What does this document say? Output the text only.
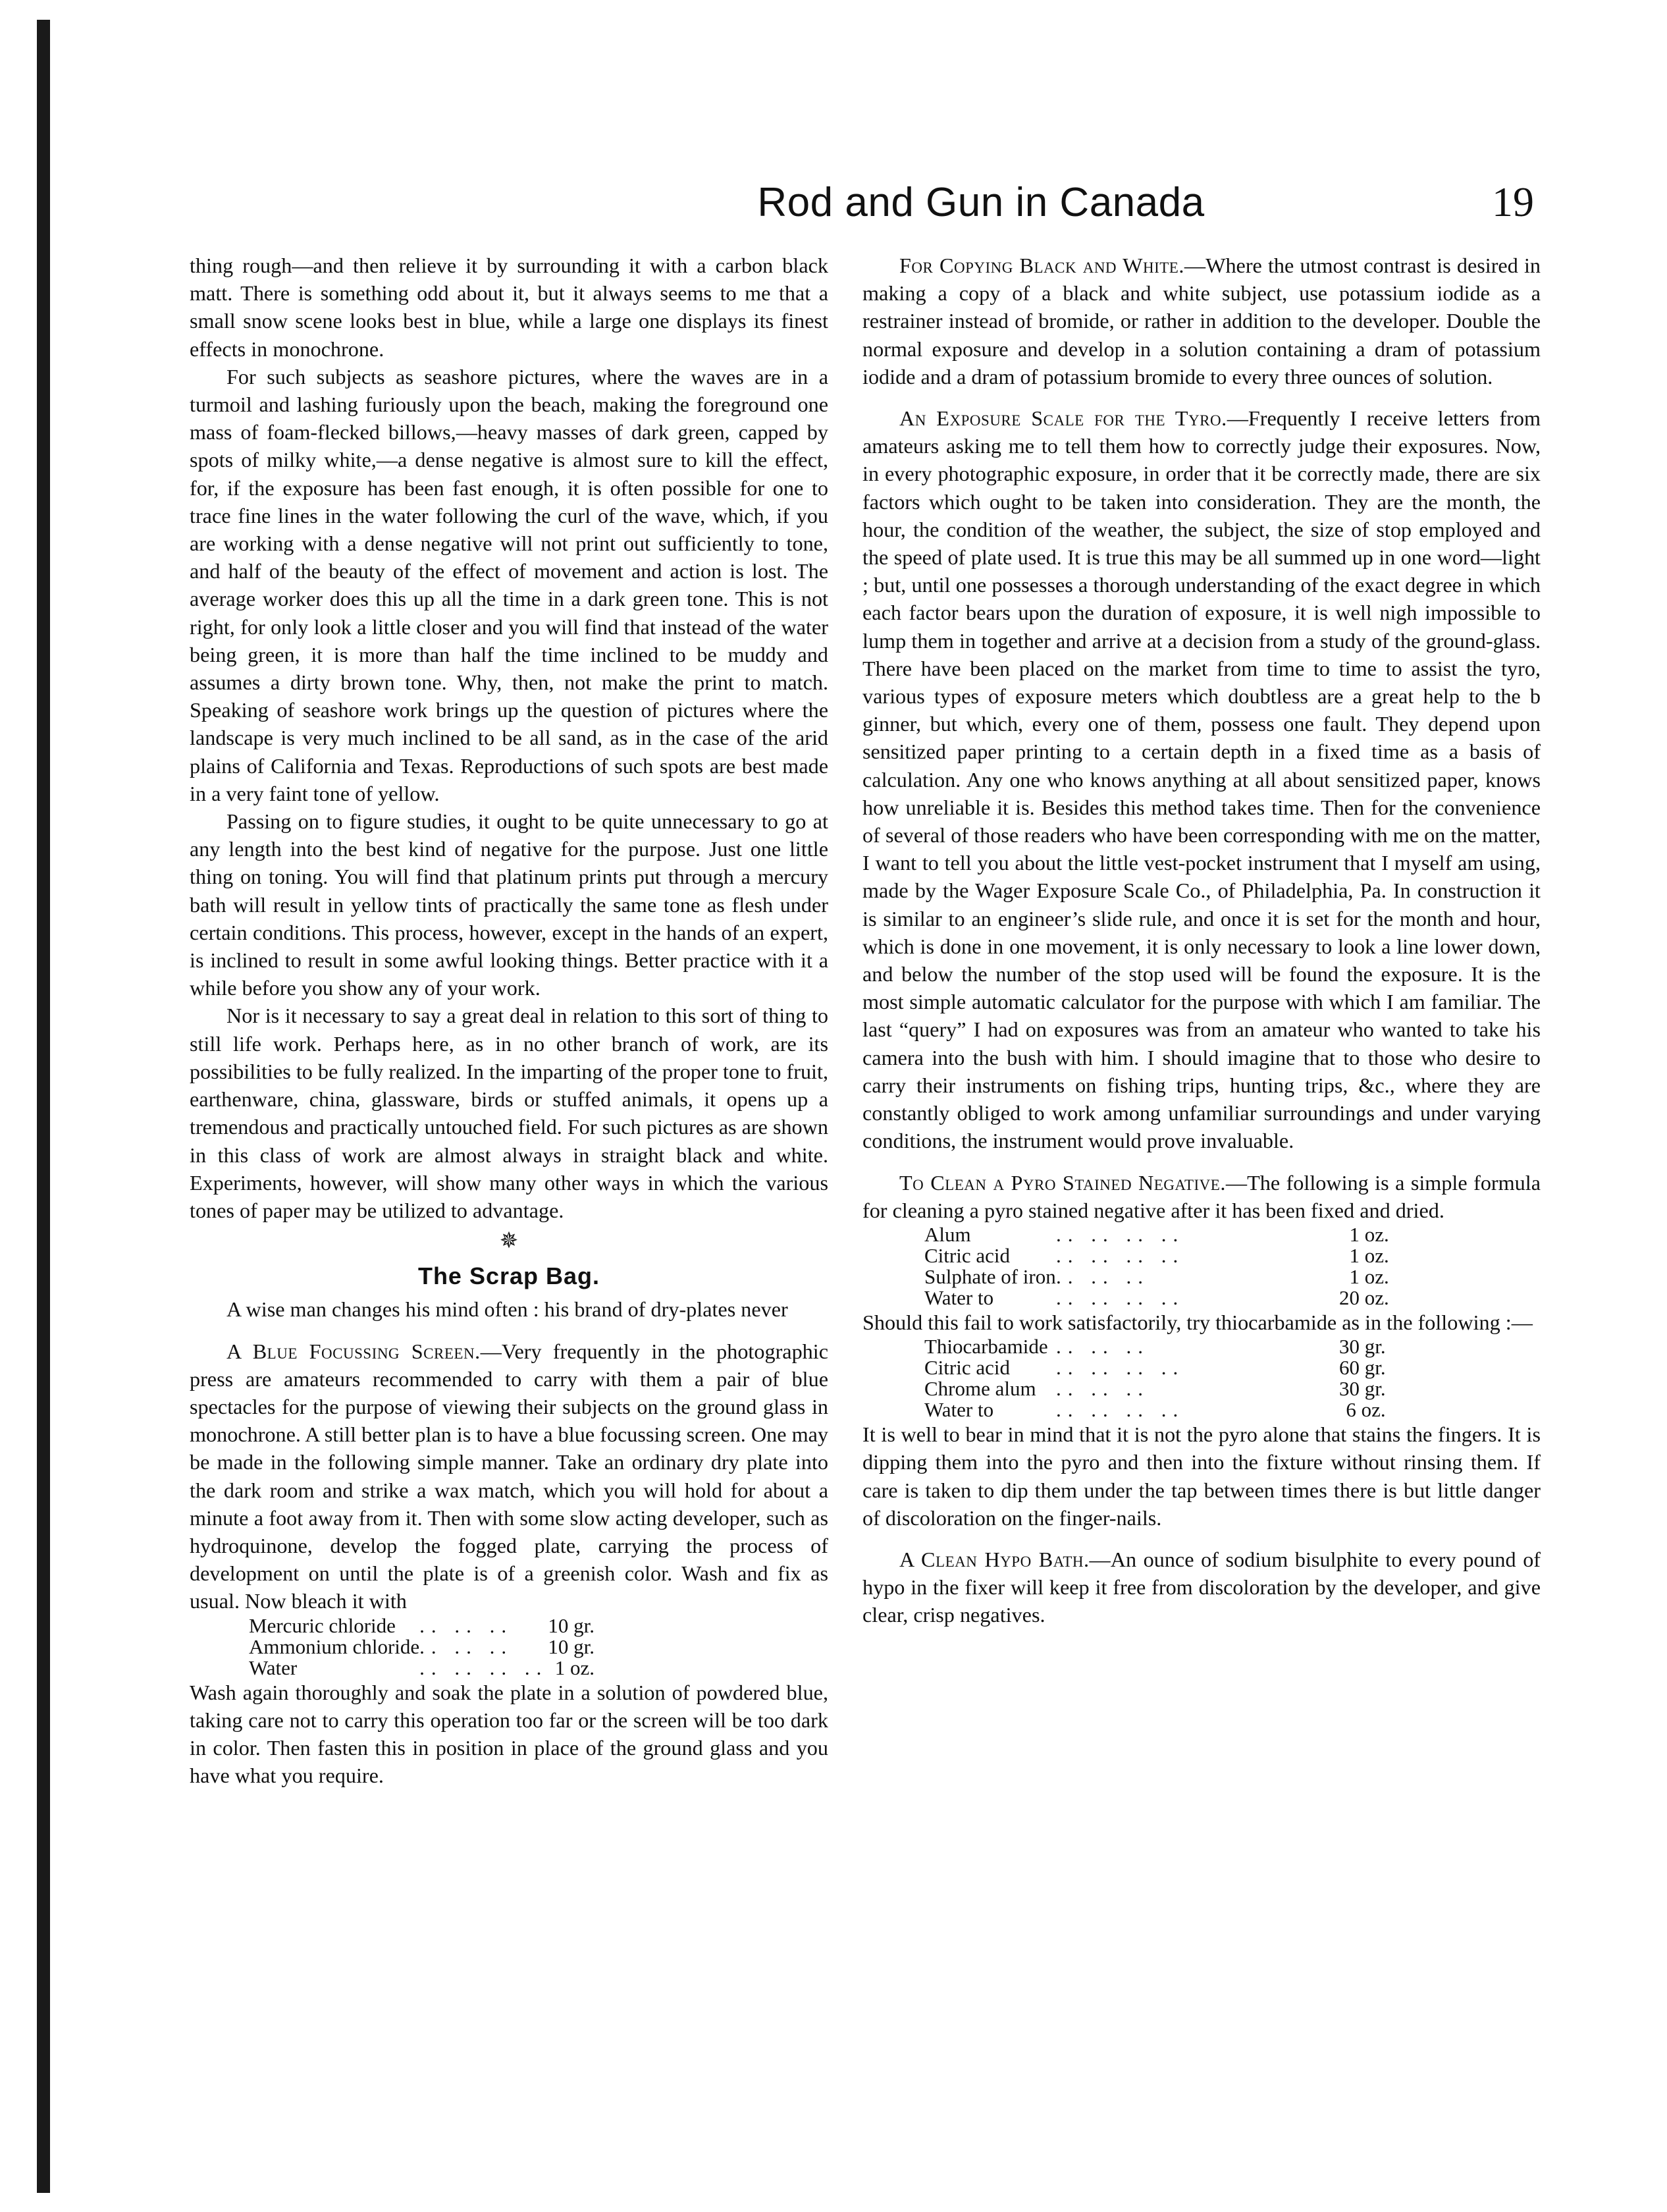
Rod and Gun in Canada	19

thing rough—and then relieve it by surrounding it with a carbon black matt. There is something odd about it, but it always seems to me that a small snow scene looks best in blue, while a large one displays its finest effects in monochrone.

For such subjects as seashore pictures, where the waves are in a turmoil and lashing furiously upon the beach, making the foreground one mass of foam-flecked billows,—heavy masses of dark green, capped by spots of milky white,—a dense negative is almost sure to kill the effect, for, if the exposure has been fast enough, it is often possible for one to trace fine lines in the water following the curl of the wave, which, if you are working with a dense negative will not print out sufficiently to tone, and half of the beauty of the effect of movement and action is lost. The average worker does this up all the time in a dark green tone. This is not right, for only look a little closer and you will find that instead of the water being green, it is more than half the time inclined to be muddy and assumes a dirty brown tone. Why, then, not make the print to match. Speaking of seashore work brings up the question of pictures where the landscape is very much inclined to be all sand, as in the case of the arid plains of California and Texas. Reproductions of such spots are best made in a very faint tone of yellow.

Passing on to figure studies, it ought to be quite unnecessary to go at any length into the best kind of negative for the purpose. Just one little thing on toning. You will find that platinum prints put through a mercury bath will result in yellow tints of practically the same tone as flesh under certain conditions. This process, however, except in the hands of an expert, is inclined to result in some awful looking things. Better practice with it a while before you show any of your work.

Nor is it necessary to say a great deal in relation to this sort of thing to still life work. Perhaps here, as in no other branch of work, are its possibilities to be fully realized. In the imparting of the proper tone to fruit, earthenware, china, glassware, birds or stuffed animals, it opens up a tremendous and practically untouched field. For such pictures as are shown in this class of work are almost always in straight black and white. Experiments, however, will show many other ways in which the various tones of paper may be utilized to advantage.

✵

The Scrap Bag.

A wise man changes his mind often : his brand of dry-plates never

A Blue Focussing Screen.—Very frequently in the photographic press are amateurs recommended to carry with them a pair of blue spectacles for the purpose of viewing their subjects on the ground glass in monochrone. A still better plan is to have a blue focussing screen. One may be made in the following simple manner. Take an ordinary dry plate into the dark room and strike a wax match, which you will hold for about a minute a foot away from it. Then with some slow acting developer, such as hydroquinone, develop the fogged plate, carrying the process of development on until the plate is of a greenish color. Wash and fix as usual. Now bleach it with

Mercuric chloride	.. .. ..	10 gr.
Ammonium chloride	.. .. ..	10 gr.
Water	.. .. .. ..	1 oz.

Wash again thoroughly and soak the plate in a solution of powdered blue, taking care not to carry this operation too far or the screen will be too dark in color. Then fasten this in position in place of the ground glass and you have what you require.

For Copying Black and White.—Where the utmost contrast is desired in making a copy of a black and white subject, use potassium iodide as a restrainer instead of bromide, or rather in addition to the developer. Double the normal exposure and develop in a solution containing a dram of potassium iodide and a dram of potassium bromide to every three ounces of solution.

An Exposure Scale for the Tyro.—Frequently I receive letters from amateurs asking me to tell them how to correctly judge their exposures. Now, in every photographic exposure, in order that it be correctly made, there are six factors which ought to be taken into consideration. They are the month, the hour, the condition of the weather, the subject, the size of stop employed and the speed of plate used. It is true this may be all summed up in one word—light ; but, until one possesses a thorough understanding of the exact degree in which each factor bears upon the duration of exposure, it is well nigh impossible to lump them in together and arrive at a decision from a study of the ground-glass. There have been placed on the market from time to time to assist the tyro, various types of exposure meters which doubtless are a great help to the b ginner, but which, every one of them, possess one fault. They depend upon sensitized paper printing to a certain depth in a fixed time as a basis of calculation. Any one who knows anything at all about sensitized paper, knows how unreliable it is. Besides this method takes time. Then for the convenience of several of those readers who have been corresponding with me on the matter, I want to tell you about the little vest-pocket instrument that I myself am using, made by the Wager Exposure Scale Co., of Philadelphia, Pa. In construction it is similar to an engineer’s slide rule, and once it is set for the month and hour, which is done in one movement, it is only necessary to look a line lower down, and below the number of the stop used will be found the exposure. It is the most simple automatic calculator for the purpose with which I am familiar. The last “query” I had on exposures was from an amateur who wanted to take his camera into the bush with him. I should imagine that to those who desire to carry their instruments on fishing trips, hunting trips, &c., where they are constantly obliged to work among unfamiliar surroundings and under varying conditions, the instrument would prove invaluable.

To Clean a Pyro Stained Negative.—The following is a simple formula for cleaning a pyro stained negative after it has been fixed and dried.

Alum	.. .. .. ..	1 oz.
Citric acid	.. .. .. ..	1 oz.
Sulphate of iron	.. .. ..	1 oz.
Water to	.. .. .. ..	20 oz.

Should this fail to work satisfactorily, try thiocarbamide as in the following :—

Thiocarbamide	.. .. ..	30 gr.
Citric acid	.. .. .. ..	60 gr.
Chrome alum	.. .. ..	30 gr.
Water to	.. .. .. ..	6 oz.

It is well to bear in mind that it is not the pyro alone that stains the fingers. It is dipping them into the pyro and then into the fixture without rinsing them. If care is taken to dip them under the tap between times there is but little danger of discoloration on the finger-nails.

A Clean Hypo Bath.—An ounce of sodium bisulphite to every pound of hypo in the fixer will keep it free from discoloration by the developer, and give clear, crisp negatives.
